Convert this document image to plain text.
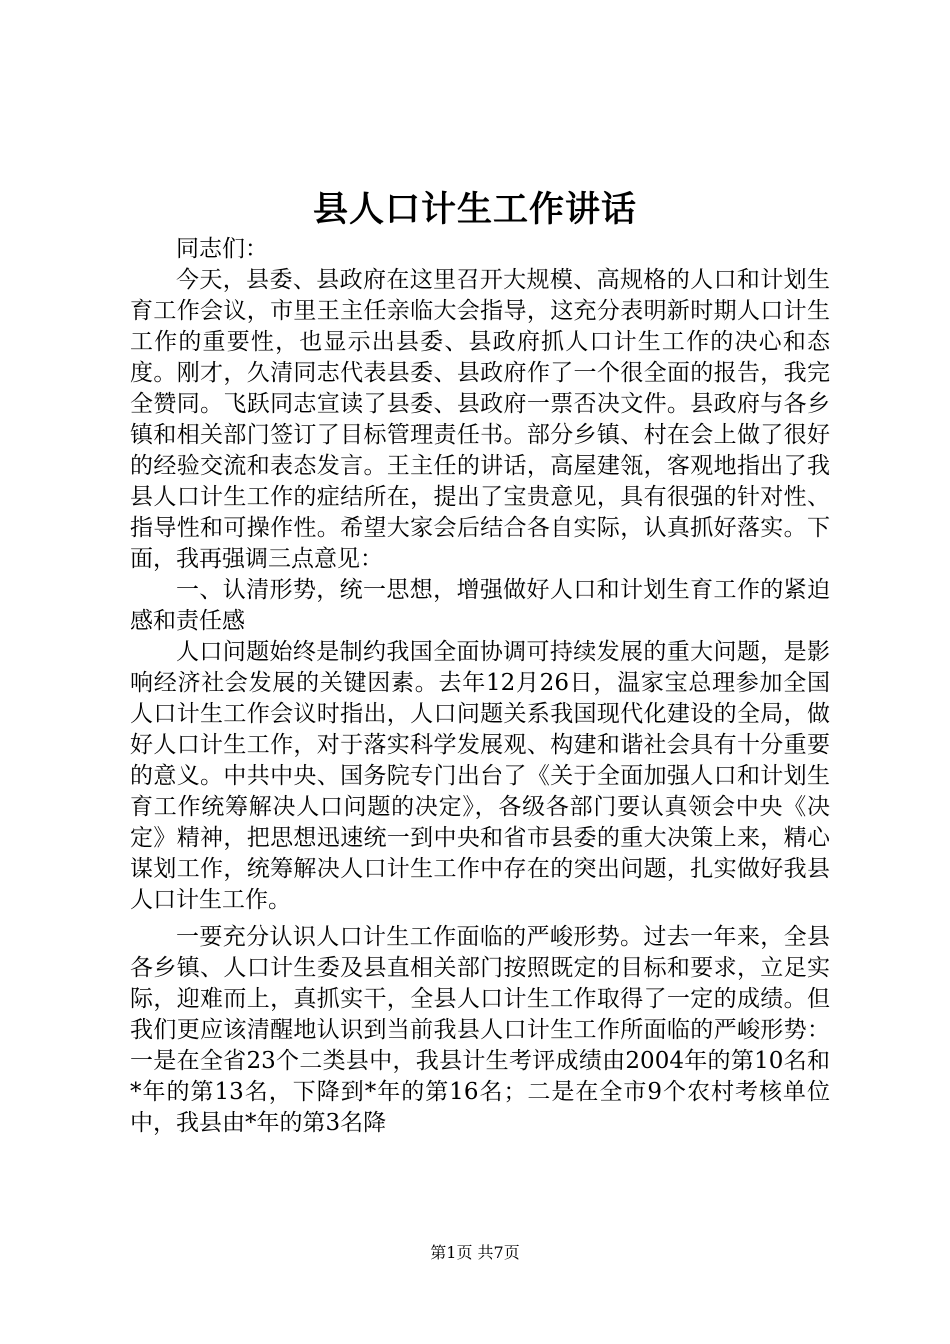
县人口计生工作讲话

同志们：

今天，县委、县政府在这里召开大规模、高规格的人口和计划生育工作会议，市里王主任亲临大会指导，这充分表明新时期人口计生工作的重要性，也显示出县委、县政府抓人口计生工作的决心和态度。刚才，久清同志代表县委、县政府作了一个很全面的报告，我完全赞同。飞跃同志宣读了县委、县政府一票否决文件。县政府与各乡镇和相关部门签订了目标管理责任书。部分乡镇、村在会上做了很好的经验交流和表态发言。王主任的讲话，高屋建瓴，客观地指出了我县人口计生工作的症结所在，提出了宝贵意见，具有很强的针对性、指导性和可操作性。希望大家会后结合各自实际，认真抓好落实。下面，我再强调三点意见：

一、认清形势，统一思想，增强做好人口和计划生育工作的紧迫感和责任感

人口问题始终是制约我国全面协调可持续发展的重大问题，是影响经济社会发展的关键因素。去年12月26日，温家宝总理参加全国人口计生工作会议时指出，人口问题关系我国现代化建设的全局，做好人口计生工作，对于落实科学发展观、构建和谐社会具有十分重要的意义。中共中央、国务院专门出台了《关于全面加强人口和计划生育工作统筹解决人口问题的决定》，各级各部门要认真领会中央《决定》精神，把思想迅速统一到中央和省市县委的重大决策上来，精心谋划工作，统筹解决人口计生工作中存在的突出问题，扎实做好我县人口计生工作。

一要充分认识人口计生工作面临的严峻形势。过去一年来，全县各乡镇、人口计生委及县直相关部门按照既定的目标和要求，立足实际，迎难而上，真抓实干，全县人口计生工作取得了一定的成绩。但我们更应该清醒地认识到当前我县人口计生工作所面临的严峻形势：一是在全省23个二类县中，我县计生考评成绩由2004年的第10名和*年的第13名，下降到*年的第16名；二是在全市9个农村考核单位中，我县由*年的第3名降

第1页 共7页
